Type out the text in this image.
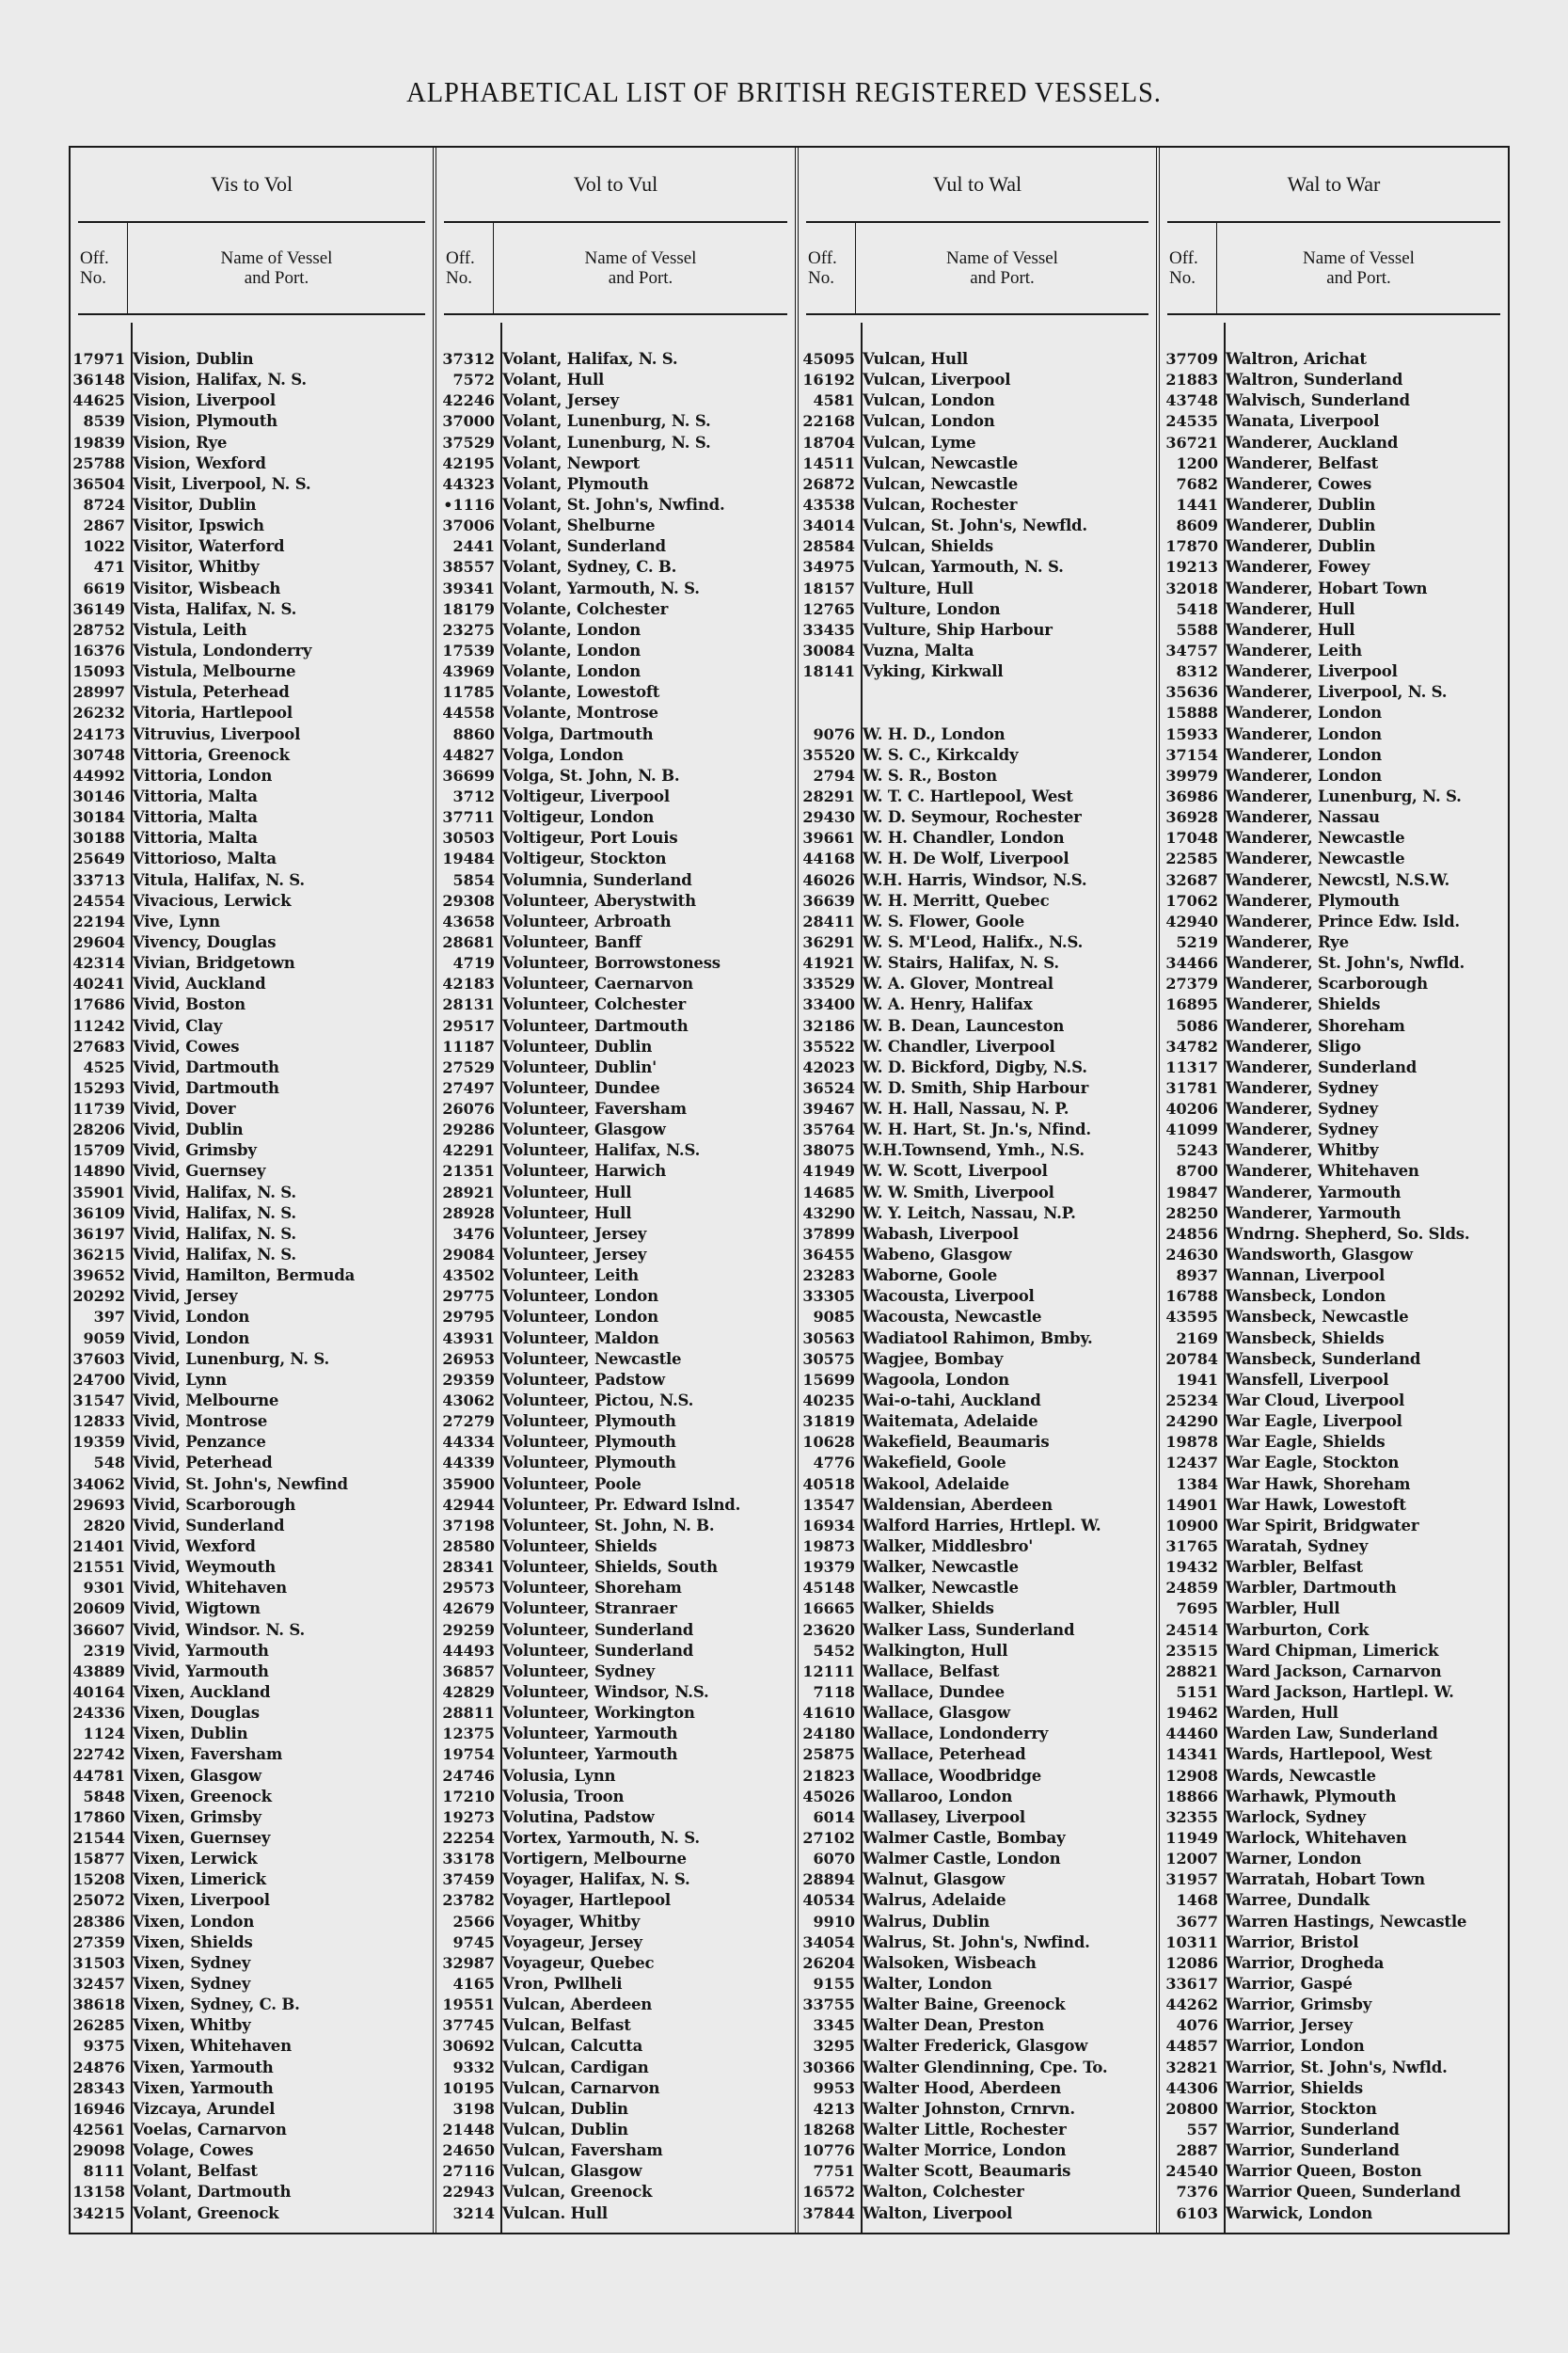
ALPHABETICAL LIST OF BRITISH REGISTERED VESSELS.
Vis to Vol
Off.
No.
Name of Vessel
and Port.
17971 Vision, Dublin
36148 Vision, Halifax, N. S.
44625 Vision, Liverpool
8539 Vision, Plymouth
19839 Vision, Rye
25788 Vision, Wexford
36504 Visit, Liverpool, N. S.
8724 Visitor, Dublin
2867 Visitor, Ipswich
1022 Visitor, Waterford
471 Visitor, Whitby
6619 Visitor, Wisbeach
36149 Vista, Halifax, N. S.
28752 Vistula, Leith
16376 Vistula, Londonderry
15093 Vistula, Melbourne
28997 Vistula, Peterhead
26232 Vitoria, Hartlepool
24173 Vitruvius, Liverpool
30748 Vittoria, Greenock
44992 Vittoria, London
30146 Vittoria, Malta
30184 Vittoria, Malta
30188 Vittoria, Malta
25649 Vittorioso, Malta
33713 Vitula, Halifax, N. S.
24554 Vivacious, Lerwick
22194 Vive, Lynn
29604 Vivency, Douglas
42314 Vivian, Bridgetown
40241 Vivid, Auckland
17686 Vivid, Boston
11242 Vivid, Clay
27683 Vivid, Cowes
4525 Vivid, Dartmouth
15293 Vivid, Dartmouth
11739 Vivid, Dover
28206 Vivid, Dublin
15709 Vivid, Grimsby
14890 Vivid, Guernsey
35901 Vivid, Halifax, N. S.
36109 Vivid, Halifax, N. S.
36197 Vivid, Halifax, N. S.
36215 Vivid, Halifax, N. S.
39652 Vivid, Hamilton, Bermuda
20292 Vivid, Jersey
397 Vivid, London
9059 Vivid, London
37603 Vivid, Lunenburg, N. S.
24700 Vivid, Lynn
31547 Vivid, Melbourne
12833 Vivid, Montrose
19359 Vivid, Penzance
548 Vivid, Peterhead
34062 Vivid, St. John's, Newfind
29693 Vivid, Scarborough
2820 Vivid, Sunderland
21401 Vivid, Wexford
21551 Vivid, Weymouth
9301 Vivid, Whitehaven
20609 Vivid, Wigtown
36607 Vivid, Windsor. N. S.
2319 Vivid, Yarmouth
43889 Vivid, Yarmouth
40164 Vixen, Auckland
24336 Vixen, Douglas
1124 Vixen, Dublin
22742 Vixen, Faversham
44781 Vixen, Glasgow
5848 Vixen, Greenock
17860 Vixen, Grimsby
21544 Vixen, Guernsey
15877 Vixen, Lerwick
15208 Vixen, Limerick
25072 Vixen, Liverpool
28386 Vixen, London
27359 Vixen, Shields
31503 Vixen, Sydney
32457 Vixen, Sydney
38618 Vixen, Sydney, C. B.
26285 Vixen, Whitby
9375 Vixen, Whitehaven
24876 Vixen, Yarmouth
28343 Vixen, Yarmouth
16946 Vizcaya, Arundel
42561 Voelas, Carnarvon
29098 Volage, Cowes
8111 Volant, Belfast
13158 Volant, Dartmouth
34215 Volant, Greenock
Vol to Vul
Off.
No.
Name of Vessel
and Port.
37312 Volant, Halifax, N. S.
7572 Volant, Hull
42246 Volant, Jersey
37000 Volant, Lunenburg, N. S.
37529 Volant, Lunenburg, N. S.
42195 Volant, Newport
44323 Volant, Plymouth
•1116 Volant, St. John's, Nwfind.
37006 Volant, Shelburne
2441 Volant, Sunderland
38557 Volant, Sydney, C. B.
39341 Volant, Yarmouth, N. S.
18179 Volante, Colchester
23275 Volante, London
17539 Volante, London
43969 Volante, London
11785 Volante, Lowestoft
44558 Volante, Montrose
8860 Volga, Dartmouth
44827 Volga, London
36699 Volga, St. John, N. B.
3712 Voltigeur, Liverpool
37711 Voltigeur, London
30503 Voltigeur, Port Louis
19484 Voltigeur, Stockton
5854 Volumnia, Sunderland
29308 Volunteer, Aberystwith
43658 Volunteer, Arbroath
28681 Volunteer, Banff
4719 Volunteer, Borrowstoness
42183 Volunteer, Caernarvon
28131 Volunteer, Colchester
29517 Volunteer, Dartmouth
11187 Volunteer, Dublin
27529 Volunteer, Dublin'
27497 Volunteer, Dundee
26076 Volunteer, Faversham
29286 Volunteer, Glasgow
42291 Volunteer, Halifax, N.S.
21351 Volunteer, Harwich
28921 Volunteer, Hull
28928 Volunteer, Hull
3476 Volunteer, Jersey
29084 Volunteer, Jersey
43502 Volunteer, Leith
29775 Volunteer, London
29795 Volunteer, London
43931 Volunteer, Maldon
26953 Volunteer, Newcastle
29359 Volunteer, Padstow
43062 Volunteer, Pictou, N.S.
27279 Volunteer, Plymouth
44334 Volunteer, Plymouth
44339 Volunteer, Plymouth
35900 Volunteer, Poole
42944 Volunteer, Pr. Edward Islnd.
37198 Volunteer, St. John, N. B.
28580 Volunteer, Shields
28341 Volunteer, Shields, South
29573 Volunteer, Shoreham
42679 Volunteer, Stranraer
29259 Volunteer, Sunderland
44493 Volunteer, Sunderland
36857 Volunteer, Sydney
42829 Volunteer, Windsor, N.S.
28811 Volunteer, Workington
12375 Volunteer, Yarmouth
19754 Volunteer, Yarmouth
24746 Volusia, Lynn
17210 Volusia, Troon
19273 Volutina, Padstow
22254 Vortex, Yarmouth, N. S.
33178 Vortigern, Melbourne
37459 Voyager, Halifax, N. S.
23782 Voyager, Hartlepool
2566 Voyager, Whitby
9745 Voyageur, Jersey
32987 Voyageur, Quebec
4165 Vron, Pwllheli
19551 Vulcan, Aberdeen
37745 Vulcan, Belfast
30692 Vulcan, Calcutta
9332 Vulcan, Cardigan
10195 Vulcan, Carnarvon
3198 Vulcan, Dublin
21448 Vulcan, Dublin
24650 Vulcan, Faversham
27116 Vulcan, Glasgow
22943 Vulcan, Greenock
3214 Vulcan. Hull
Vul to Wal
Off.
No.
Name of Vessel
and Port.
45095 Vulcan, Hull
16192 Vulcan, Liverpool
4581 Vulcan, London
22168 Vulcan, London
18704 Vulcan, Lyme
14511 Vulcan, Newcastle
26872 Vulcan, Newcastle
43538 Vulcan, Rochester
34014 Vulcan, St. John's, Newfld.
28584 Vulcan, Shields
34975 Vulcan, Yarmouth, N. S.
18157 Vulture, Hull
12765 Vulture, London
33435 Vulture, Ship Harbour
30084 Vuzna, Malta
18141 Vyking, Kirkwall
9076 W. H. D., London
35520 W. S. C., Kirkcaldy
2794 W. S. R., Boston
28291 W. T. C. Hartlepool, West
29430 W. D. Seymour, Rochester
39661 W. H. Chandler, London
44168 W. H. De Wolf, Liverpool
46026 W.H. Harris, Windsor, N.S.
36639 W. H. Merritt, Quebec
28411 W. S. Flower, Goole
36291 W. S. M'Leod, Halifx., N.S.
41921 W. Stairs, Halifax, N. S.
33529 W. A. Glover, Montreal
33400 W. A. Henry, Halifax
32186 W. B. Dean, Launceston
35522 W. Chandler, Liverpool
42023 W. D. Bickford, Digby, N.S.
36524 W. D. Smith, Ship Harbour
39467 W. H. Hall, Nassau, N. P.
35764 W. H. Hart, St. Jn.'s, Nfind.
38075 W.H.Townsend, Ymh., N.S.
41949 W. W. Scott, Liverpool
14685 W. W. Smith, Liverpool
43290 W. Y. Leitch, Nassau, N.P.
37899 Wabash, Liverpool
36455 Wabeno, Glasgow
23283 Waborne, Goole
33305 Wacousta, Liverpool
9085 Wacousta, Newcastle
30563 Wadiatool Rahimon, Bmby.
30575 Wagjee, Bombay
15699 Wagoola, London
40235 Wai-o-tahi, Auckland
31819 Waitemata, Adelaide
10628 Wakefield, Beaumaris
4776 Wakefield, Goole
40518 Wakool, Adelaide
13547 Waldensian, Aberdeen
16934 Walford Harries, Hrtlepl. W.
19873 Walker, Middlesbro'
19379 Walker, Newcastle
45148 Walker, Newcastle
16665 Walker, Shields
23620 Walker Lass, Sunderland
5452 Walkington, Hull
12111 Wallace, Belfast
7118 Wallace, Dundee
41610 Wallace, Glasgow
24180 Wallace, Londonderry
25875 Wallace, Peterhead
21823 Wallace, Woodbridge
45026 Wallaroo, London
6014 Wallasey, Liverpool
27102 Walmer Castle, Bombay
6070 Walmer Castle, London
28894 Walnut, Glasgow
40534 Walrus, Adelaide
9910 Walrus, Dublin
34054 Walrus, St. John's, Nwfind.
26204 Walsoken, Wisbeach
9155 Walter, London
33755 Walter Baine, Greenock
3345 Walter Dean, Preston
3295 Walter Frederick, Glasgow
30366 Walter Glendinning, Cpe. To.
9953 Walter Hood, Aberdeen
4213 Walter Johnston, Crnrvn.
18268 Walter Little, Rochester
10776 Walter Morrice, London
7751 Walter Scott, Beaumaris
16572 Walton, Colchester
37844 Walton, Liverpool
Wal to War
Off.
No.
Name of Vessel
and Port.
37709 Waltron, Arichat
21883 Waltron, Sunderland
43748 Walvisch, Sunderland
24535 Wanata, Liverpool
36721 Wanderer, Auckland
1200 Wanderer, Belfast
7682 Wanderer, Cowes
1441 Wanderer, Dublin
8609 Wanderer, Dublin
17870 Wanderer, Dublin
19213 Wanderer, Fowey
32018 Wanderer, Hobart Town
5418 Wanderer, Hull
5588 Wanderer, Hull
34757 Wanderer, Leith
8312 Wanderer, Liverpool
35636 Wanderer, Liverpool, N. S.
15888 Wanderer, London
15933 Wanderer, London
37154 Wanderer, London
39979 Wanderer, London
36986 Wanderer, Lunenburg, N. S.
36928 Wanderer, Nassau
17048 Wanderer, Newcastle
22585 Wanderer, Newcastle
32687 Wanderer, Newcstl, N.S.W.
17062 Wanderer, Plymouth
42940 Wanderer, Prince Edw. Isld.
5219 Wanderer, Rye
34466 Wanderer, St. John's, Nwfld.
27379 Wanderer, Scarborough
16895 Wanderer, Shields
5086 Wanderer, Shoreham
34782 Wanderer, Sligo
11317 Wanderer, Sunderland
31781 Wanderer, Sydney
40206 Wanderer, Sydney
41099 Wanderer, Sydney
5243 Wanderer, Whitby
8700 Wanderer, Whitehaven
19847 Wanderer, Yarmouth
28250 Wanderer, Yarmouth
24856 Wndrng. Shepherd, So. Slds.
24630 Wandsworth, Glasgow
8937 Wannan, Liverpool
16788 Wansbeck, London
43595 Wansbeck, Newcastle
2169 Wansbeck, Shields
20784 Wansbeck, Sunderland
1941 Wansfell, Liverpool
25234 War Cloud, Liverpool
24290 War Eagle, Liverpool
19878 War Eagle, Shields
12437 War Eagle, Stockton
1384 War Hawk, Shoreham
14901 War Hawk, Lowestoft
10900 War Spirit, Bridgwater
31765 Waratah, Sydney
19432 Warbler, Belfast
24859 Warbler, Dartmouth
7695 Warbler, Hull
24514 Warburton, Cork
23515 Ward Chipman, Limerick
28821 Ward Jackson, Carnarvon
5151 Ward Jackson, Hartlepl. W.
19462 Warden, Hull
44460 Warden Law, Sunderland
14341 Wards, Hartlepool, West
12908 Wards, Newcastle
18866 Warhawk, Plymouth
32355 Warlock, Sydney
11949 Warlock, Whitehaven
12007 Warner, London
31957 Warratah, Hobart Town
1468 Warree, Dundalk
3677 Warren Hastings, Newcastle
10311 Warrior, Bristol
12086 Warrior, Drogheda
33617 Warrior, Gaspé
44262 Warrior, Grimsby
4076 Warrior, Jersey
44857 Warrior, London
32821 Warrior, St. John's, Nwfld.
44306 Warrior, Shields
20800 Warrior, Stockton
557 Warrior, Sunderland
2887 Warrior, Sunderland
24540 Warrior Queen, Boston
7376 Warrior Queen, Sunderland
6103 Warwick, London
